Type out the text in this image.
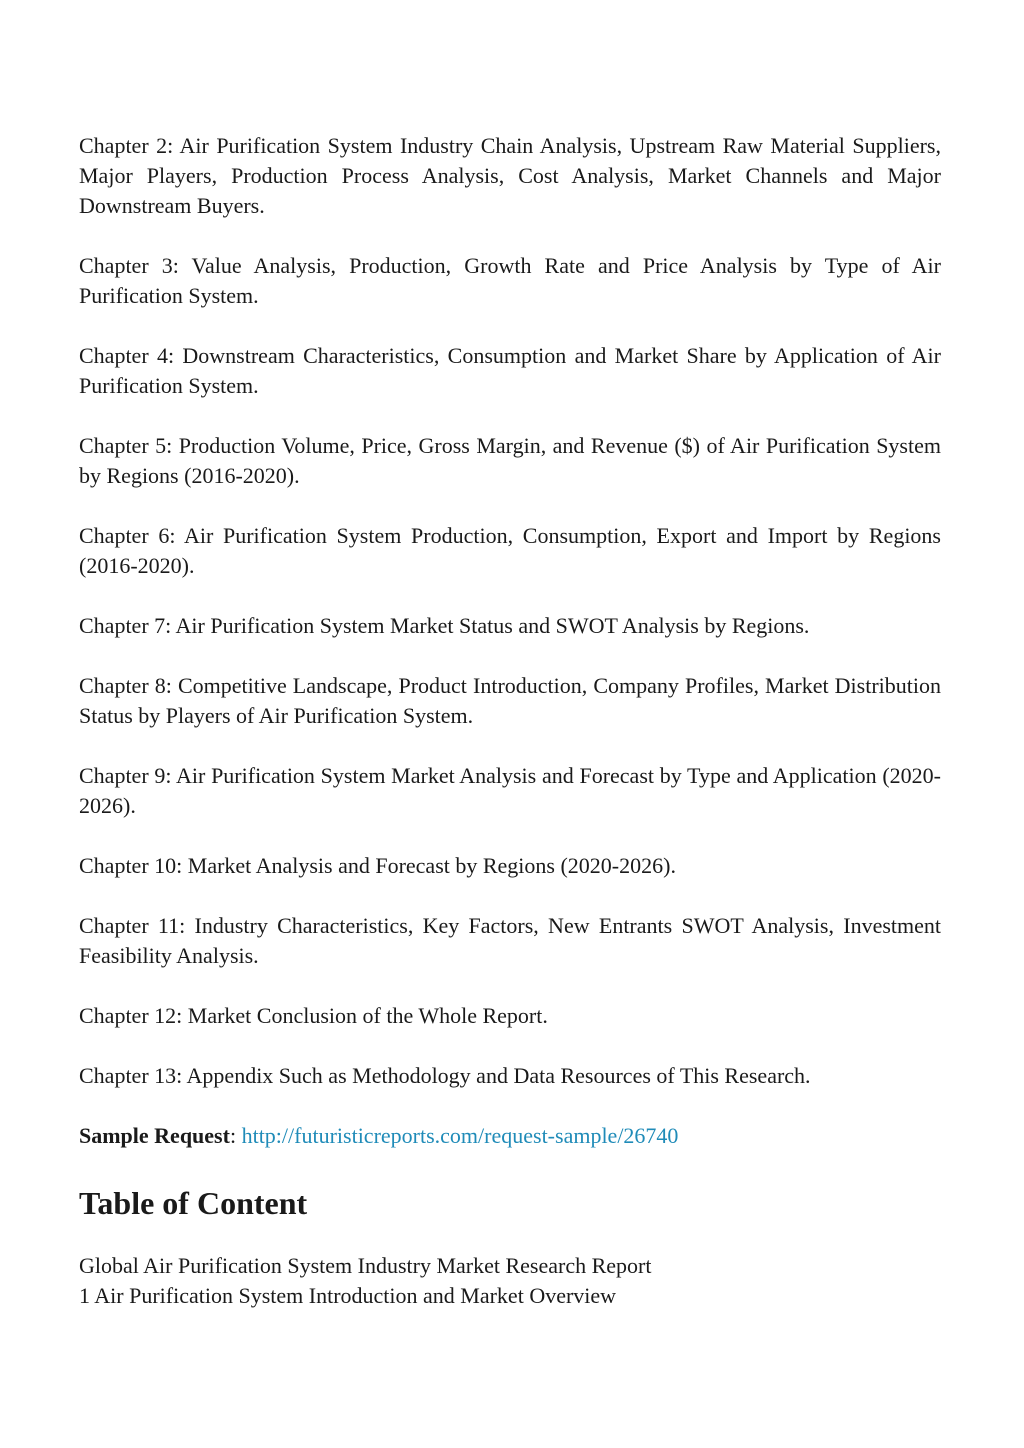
Chapter 2: Air Purification System Industry Chain Analysis, Upstream Raw Material Suppliers, Major Players, Production Process Analysis, Cost Analysis, Market Channels and Major Downstream Buyers.

Chapter 3: Value Analysis, Production, Growth Rate and Price Analysis by Type of Air Purification System.

Chapter 4: Downstream Characteristics, Consumption and Market Share by Application of Air Purification System.

Chapter 5: Production Volume, Price, Gross Margin, and Revenue ($) of Air Purification System by Regions (2016-2020).

Chapter 6: Air Purification System Production, Consumption, Export and Import by Regions (2016-2020).

Chapter 7: Air Purification System Market Status and SWOT Analysis by Regions.

Chapter 8: Competitive Landscape, Product Introduction, Company Profiles, Market Distribution Status by Players of Air Purification System.

Chapter 9: Air Purification System Market Analysis and Forecast by Type and Application (2020-2026).

Chapter 10: Market Analysis and Forecast by Regions (2020-2026).

Chapter 11: Industry Characteristics, Key Factors, New Entrants SWOT Analysis, Investment Feasibility Analysis.

Chapter 12: Market Conclusion of the Whole Report.

Chapter 13: Appendix Such as Methodology and Data Resources of This Research.

Sample Request: http://futuristicreports.com/request-sample/26740

Table of Content
Global Air Purification System Industry Market Research Report
1 Air Purification System Introduction and Market Overview
